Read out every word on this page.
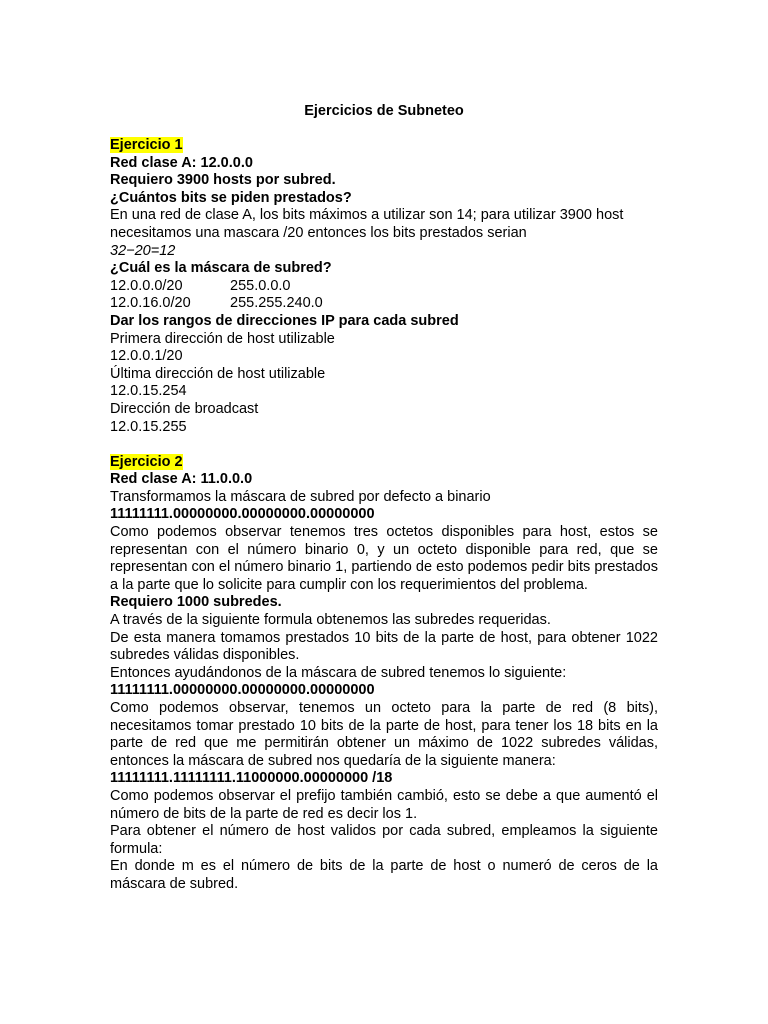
Ejercicios de Subneteo

Ejercicio 1

Red clase A: 12.0.0.0

Requiero 3900 hosts por subred.

¿Cuántos bits se piden prestados?

En una red de clase A, los bits máximos a utilizar son 14; para utilizar 3900 host necesitamos una mascara /20 entonces los bits prestados serian

32−20=12

¿Cuál es la máscara de subred?

12.0.0.0/20	255.0.0.0
12.0.16.0/20	255.255.240.0

Dar los rangos de direcciones IP para cada subred

Primera dirección de host utilizable

12.0.0.1/20

Última dirección de host utilizable

12.0.15.254

Dirección de broadcast

12.0.15.255

Ejercicio 2

Red clase A: 11.0.0.0

Transformamos la máscara de subred por defecto a binario

11111111.00000000.00000000.00000000

Como podemos observar tenemos tres octetos disponibles para host, estos se representan con el número binario 0, y un octeto disponible para red, que se representan con el número binario 1, partiendo de esto podemos pedir bits prestados a la parte que lo solicite para cumplir con los requerimientos del problema.

Requiero 1000 subredes.

A través de la siguiente formula obtenemos las subredes requeridas.

De esta manera tomamos prestados 10 bits de la parte de host, para obtener 1022 subredes válidas disponibles.

Entonces ayudándonos de la máscara de subred tenemos lo siguiente:

11111111.00000000.00000000.00000000

Como podemos observar, tenemos un octeto para la parte de red (8 bits), necesitamos tomar prestado 10 bits de la parte de host, para tener los 18 bits en la parte de red que me permitirán obtener un máximo de 1022 subredes válidas, entonces la máscara de subred nos quedaría de la siguiente manera:

11111111.11111111.11000000.00000000 /18

Como podemos observar el prefijo también cambió, esto se debe a que aumentó el número de bits de la parte de red es decir los 1.

Para obtener el número de host validos por cada subred, empleamos la siguiente formula:

En donde m es el número de bits de la parte de host o numeró de ceros de la máscara de subred.
